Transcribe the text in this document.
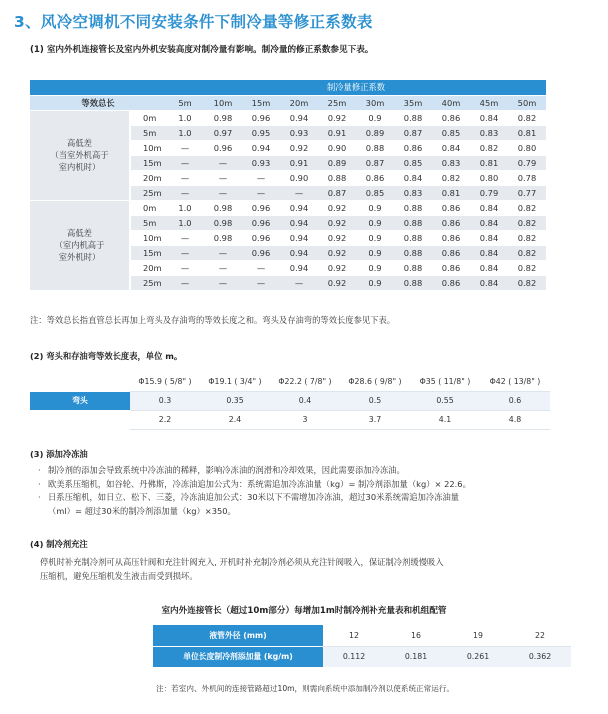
3、风冷空调机不同安装条件下制冷量等修正系数表
(1) 室内外机连接管长及室内外机安装高度对制冷量有影响。制冷量的修正系数参见下表。
		制冷量修正系数									
等效总长		5m	10m	15m	20m	25m	30m	35m	40m	45m	50m

高低差
（当室外机高于
室内机时）	0m	1.0	0.98	0.96	0.94	0.92	0.9	0.88	0.86	0.84	0.82
	5m	1.0	0.97	0.95	0.93	0.91	0.89	0.87	0.85	0.83	0.81
	10m	—	0.96	0.94	0.92	0.90	0.88	0.86	0.84	0.82	0.80
	15m	—	—	0.93	0.91	0.89	0.87	0.85	0.83	0.81	0.79
	20m	—	—	—	0.90	0.88	0.86	0.84	0.82	0.80	0.78
	25m	—	—	—	—	0.87	0.85	0.83	0.81	0.79	0.77

高低差
（室内机高于
室外机时）	0m	1.0	0.98	0.96	0.94	0.92	0.9	0.88	0.86	0.84	0.82
	5m	1.0	0.98	0.96	0.94	0.92	0.9	0.88	0.86	0.84	0.82
	10m	—	0.98	0.96	0.94	0.92	0.9	0.88	0.86	0.84	0.82
	15m	—	—	0.96	0.94	0.92	0.9	0.88	0.86	0.84	0.82
	20m	—	—	—	0.94	0.92	0.9	0.88	0.86	0.84	0.82
	25m	—	—	—	—	0.92	0.9	0.88	0.86	0.84	0.82
注：等效总长指直管总长再加上弯头及存油弯的等效长度之和。弯头及存油弯的等效长度参见下表。
(2) 弯头和存油弯等效长度表，单位 m。
气体连接管外径	Φ15.9 ( 5/8" )	Φ19.1 ( 3/4" )	Φ22.2 ( 7/8" )	Φ28.6 ( 9/8" )	Φ35 ( 11/8" )	Φ42 ( 13/8" )
弯头	0.3	0.35	0.4	0.5	0.55	0.6
存油弯	2.2	2.4	3	3.7	4.1	4.8
(3) 添加冷冻油
· 制冷剂的添加会导致系统中冷冻油的稀释，影响冷冻油的润滑和冷却效果，因此需要添加冷冻油。
· 欧美系压缩机，如谷轮、丹佛斯，冷冻油追加公式为：系统需追加冷冻油量（kg）= 制冷剂添加量（kg）× 22.6。
· 日系压缩机，如日立、松下、三菱，冷冻油追加公式：30米以下不需增加冷冻油，超过30米系统需追加冷冻油量
（ml）= 超过30米的制冷剂添加量（kg）×350。
(4) 制冷剂充注
停机时补充制冷剂可从高压针阀和充注针阀充入, 开机时补充制冷剂必须从充注针阀吸入，保证制冷剂缓慢吸入
压缩机，避免压缩机发生液击而受到损坏。
室内外连接管长（超过10m部分）每增加1m时制冷剂补充量表和机组配管
液管外径 (mm)	12	16	19	22
单位长度制冷剂添加量 (kg/m)	0.112	0.181	0.261	0.362
注：若室内、外机间的连接管路超过10m，则需向系统中添加制冷剂以使系统正常运行。
